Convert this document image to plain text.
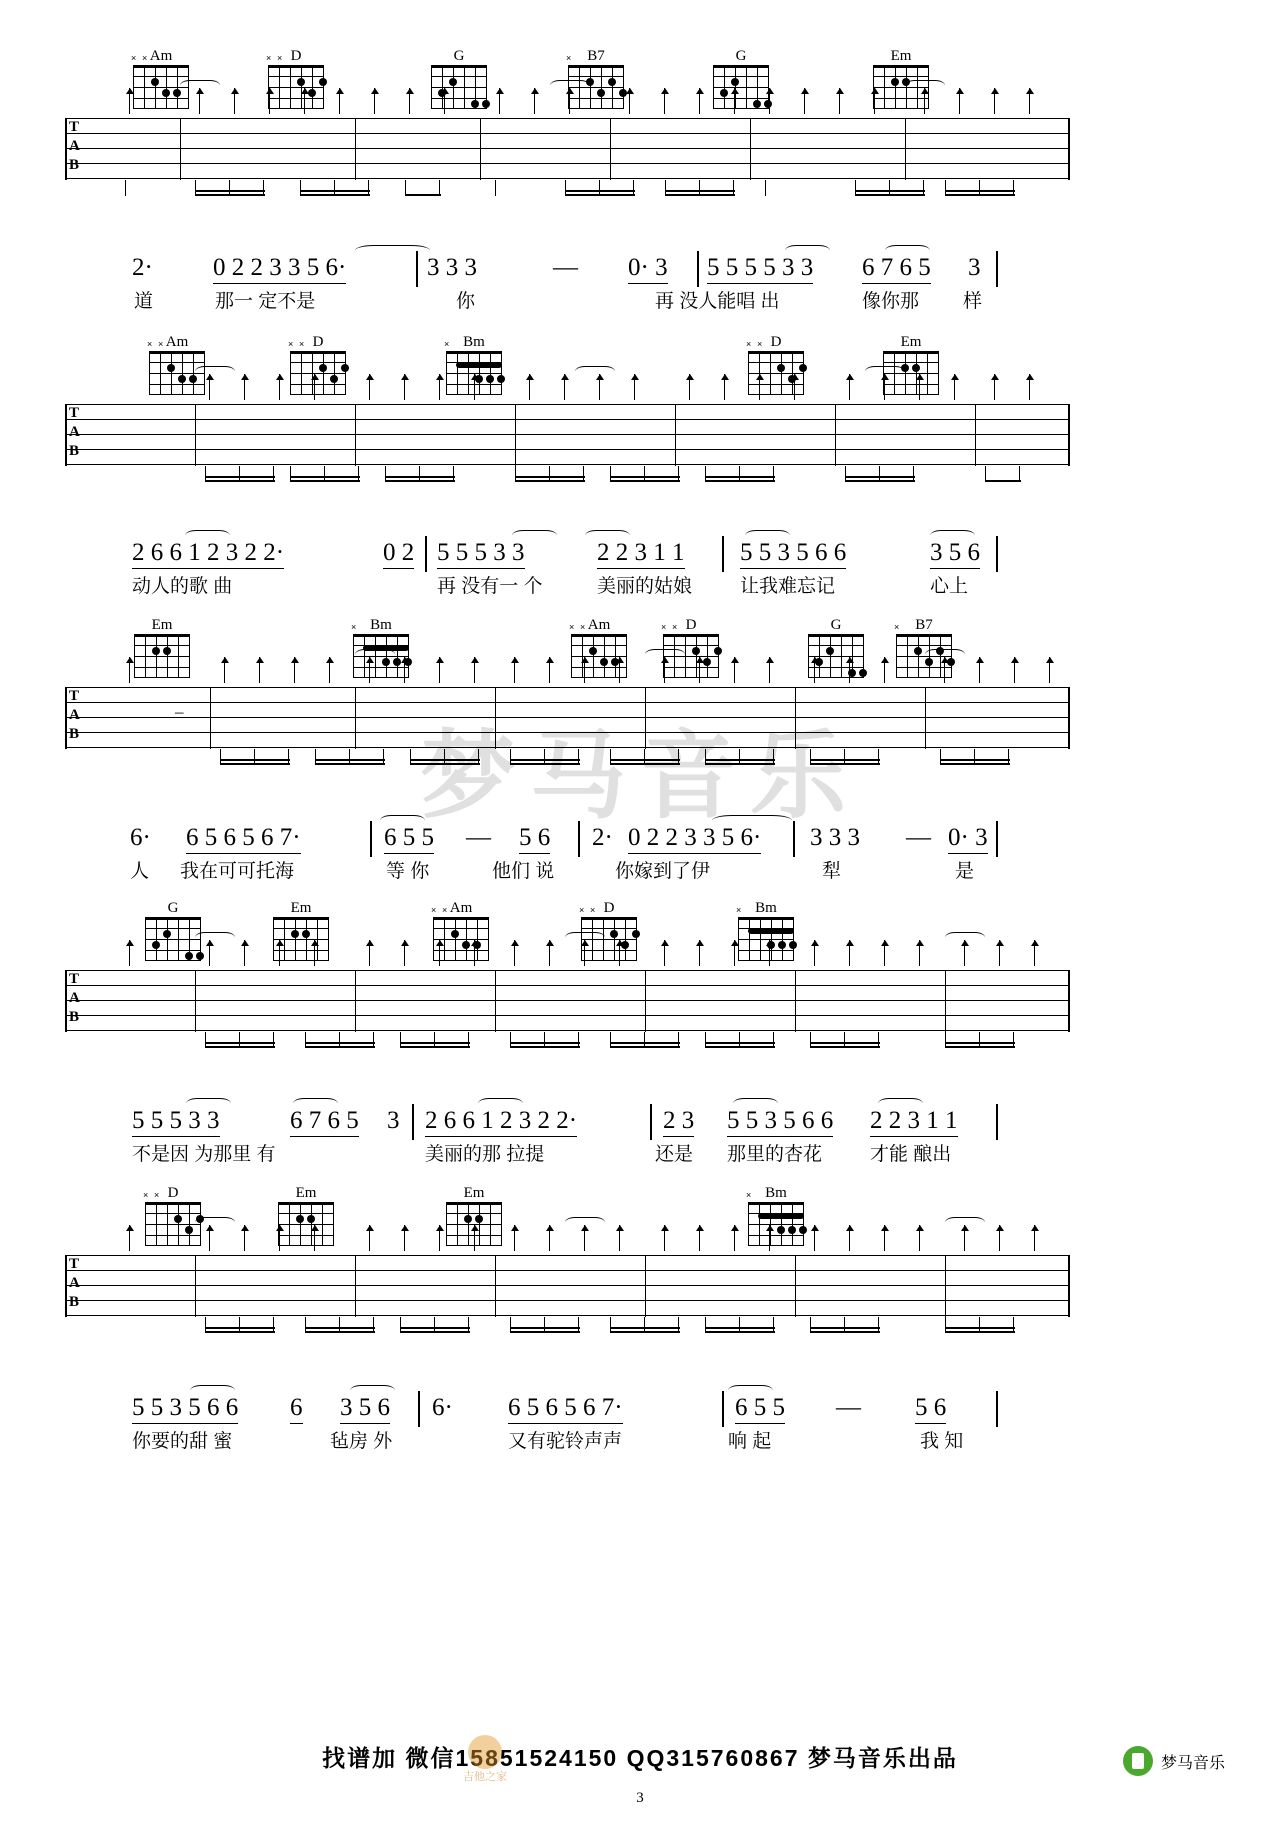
梦马音乐
吉他之家
Am
× ×	D
× ×	G	B7
×	G	Em
T
A
B
2· 0 2 2 3 3 5 6·	3 3 3	— 0· 3 5 5 5 5 3 3 6 7 6 5 3
道	那一 定不是	你	再 没人能唱 出	像你那 样
Am
× ×	D
× ×	Bm
×	D
× ×	Em
T
A
B
2 6 6 1 2 3 2 2·	0 2 5 5 5 3 3	2 2 3 1 1 5 5 3 5 6 6	3 5 6
动人的歌 曲	再 没有一 个	美丽的姑娘	让我难忘记	心上
Em	Bm
×	Am
× ×	D
× ×	G	B7
×
T
A
B
–
6· 6 5 6 5 6 7·	6 5 5 — 5 6 2· 0 2 2 3 3 5 6· 3 3 3 — 0· 3
人 我在可可托海	等 你	他们 说	你嫁到了伊	犁	是
G	Em	Am
× ×	D
× ×	Bm
×
T
A
B
5 5 5 3 3	6 7 6 5 3 2 6 6 1 2 3 2 2·	2 3 5 5 3 5 6 6 2 2 3 1 1
不是因 为那里 有	美丽的那 拉提	还是 那里的杏花	才能 酿出
D
× ×	Em	Em	Bm
×
T
A
B
5 5 3 5 6 6 6 3 5 6 6· 6 5 6 5 6 7·	6 5 5 — 5 6
你要的甜 蜜	毡房 外	又有驼铃声声	响 起	我 知
找谱加 微信15851524150 QQ315760867 梦马音乐出品
3
梦马音乐
